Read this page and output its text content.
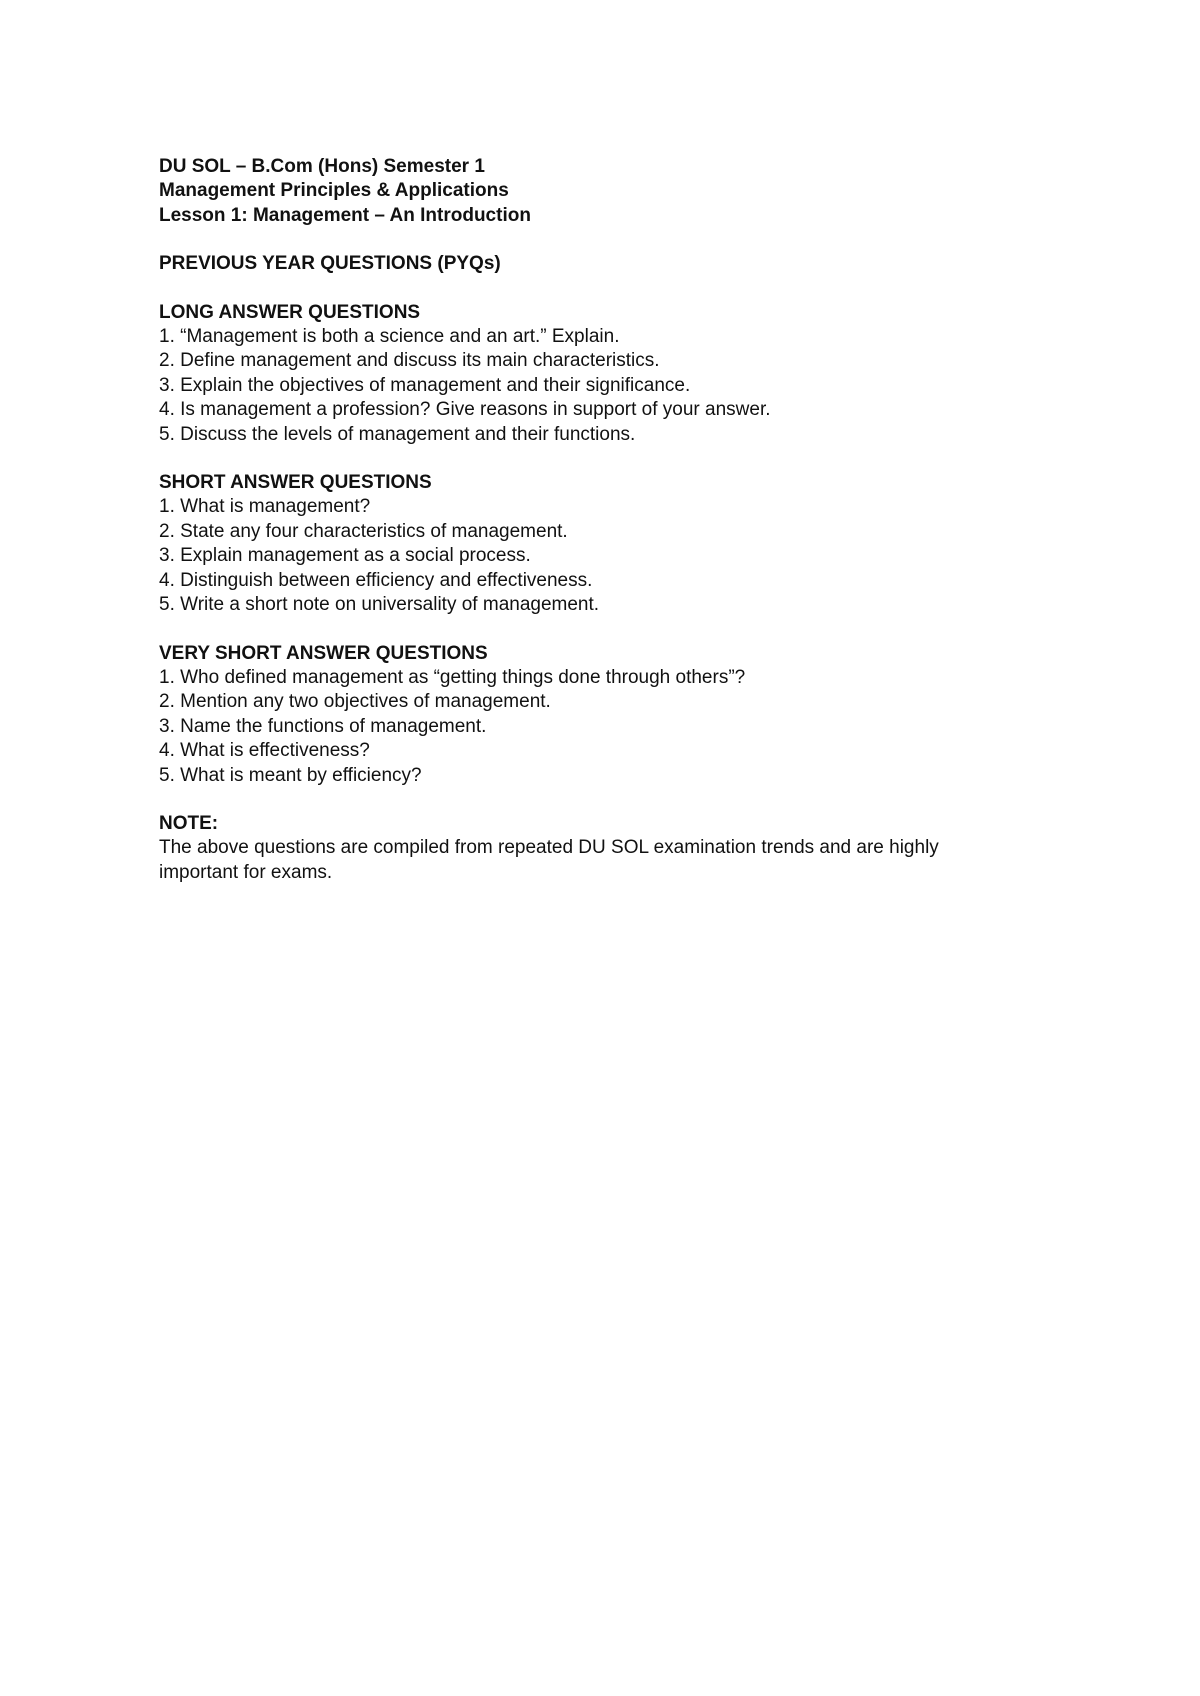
DU SOL – B.Com (Hons) Semester 1
Management Principles & Applications
Lesson 1: Management – An Introduction
PREVIOUS YEAR QUESTIONS (PYQs)
LONG ANSWER QUESTIONS
1. “Management is both a science and an art.” Explain.
2. Define management and discuss its main characteristics.
3. Explain the objectives of management and their significance.
4. Is management a profession? Give reasons in support of your answer.
5. Discuss the levels of management and their functions.
SHORT ANSWER QUESTIONS
1. What is management?
2. State any four characteristics of management.
3. Explain management as a social process.
4. Distinguish between efficiency and effectiveness.
5. Write a short note on universality of management.
VERY SHORT ANSWER QUESTIONS
1. Who defined management as “getting things done through others”?
2. Mention any two objectives of management.
3. Name the functions of management.
4. What is effectiveness?
5. What is meant by efficiency?
NOTE:
The above questions are compiled from repeated DU SOL examination trends and are highly important for exams.
